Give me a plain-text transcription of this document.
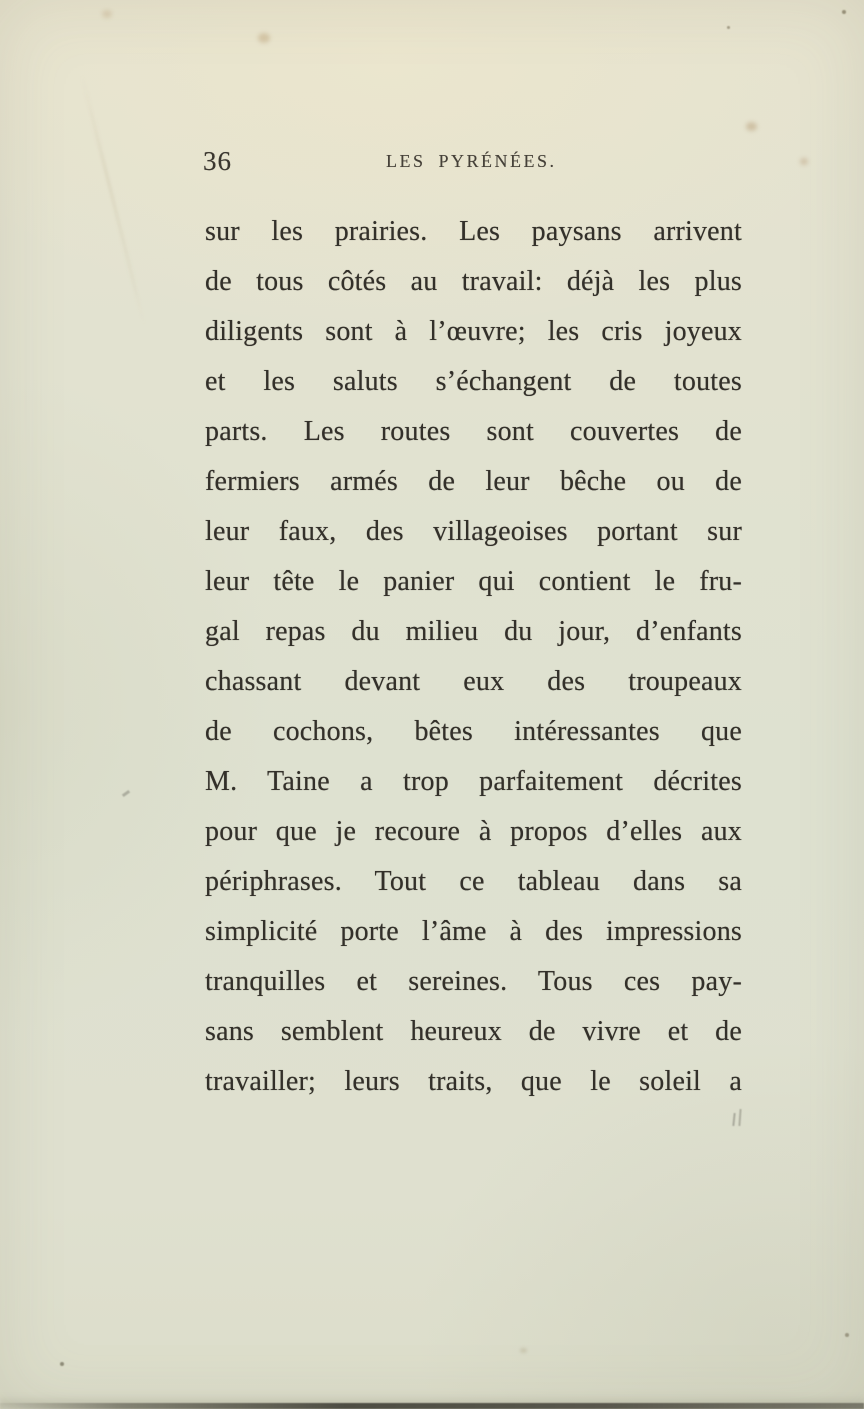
36	LES PYRÉNÉES.
sur les prairies. Les paysans arrivent
de tous côtés au travail: déjà les plus
diligents sont à l’œuvre; les cris joyeux
et les saluts s’échangent de toutes
parts. Les routes sont couvertes de
fermiers armés de leur bêche ou de
leur faux, des villageoises portant sur
leur tête le panier qui contient le fru-
gal repas du milieu du jour, d’enfants
chassant devant eux des troupeaux
de cochons, bêtes intéressantes que
M. Taine a trop parfaitement décrites
pour que je recoure à propos d’elles aux
périphrases. Tout ce tableau dans sa
simplicité porte l’âme à des impressions
tranquilles et sereines. Tous ces pay-
sans semblent heureux de vivre et de
travailler; leurs traits, que le soleil a
